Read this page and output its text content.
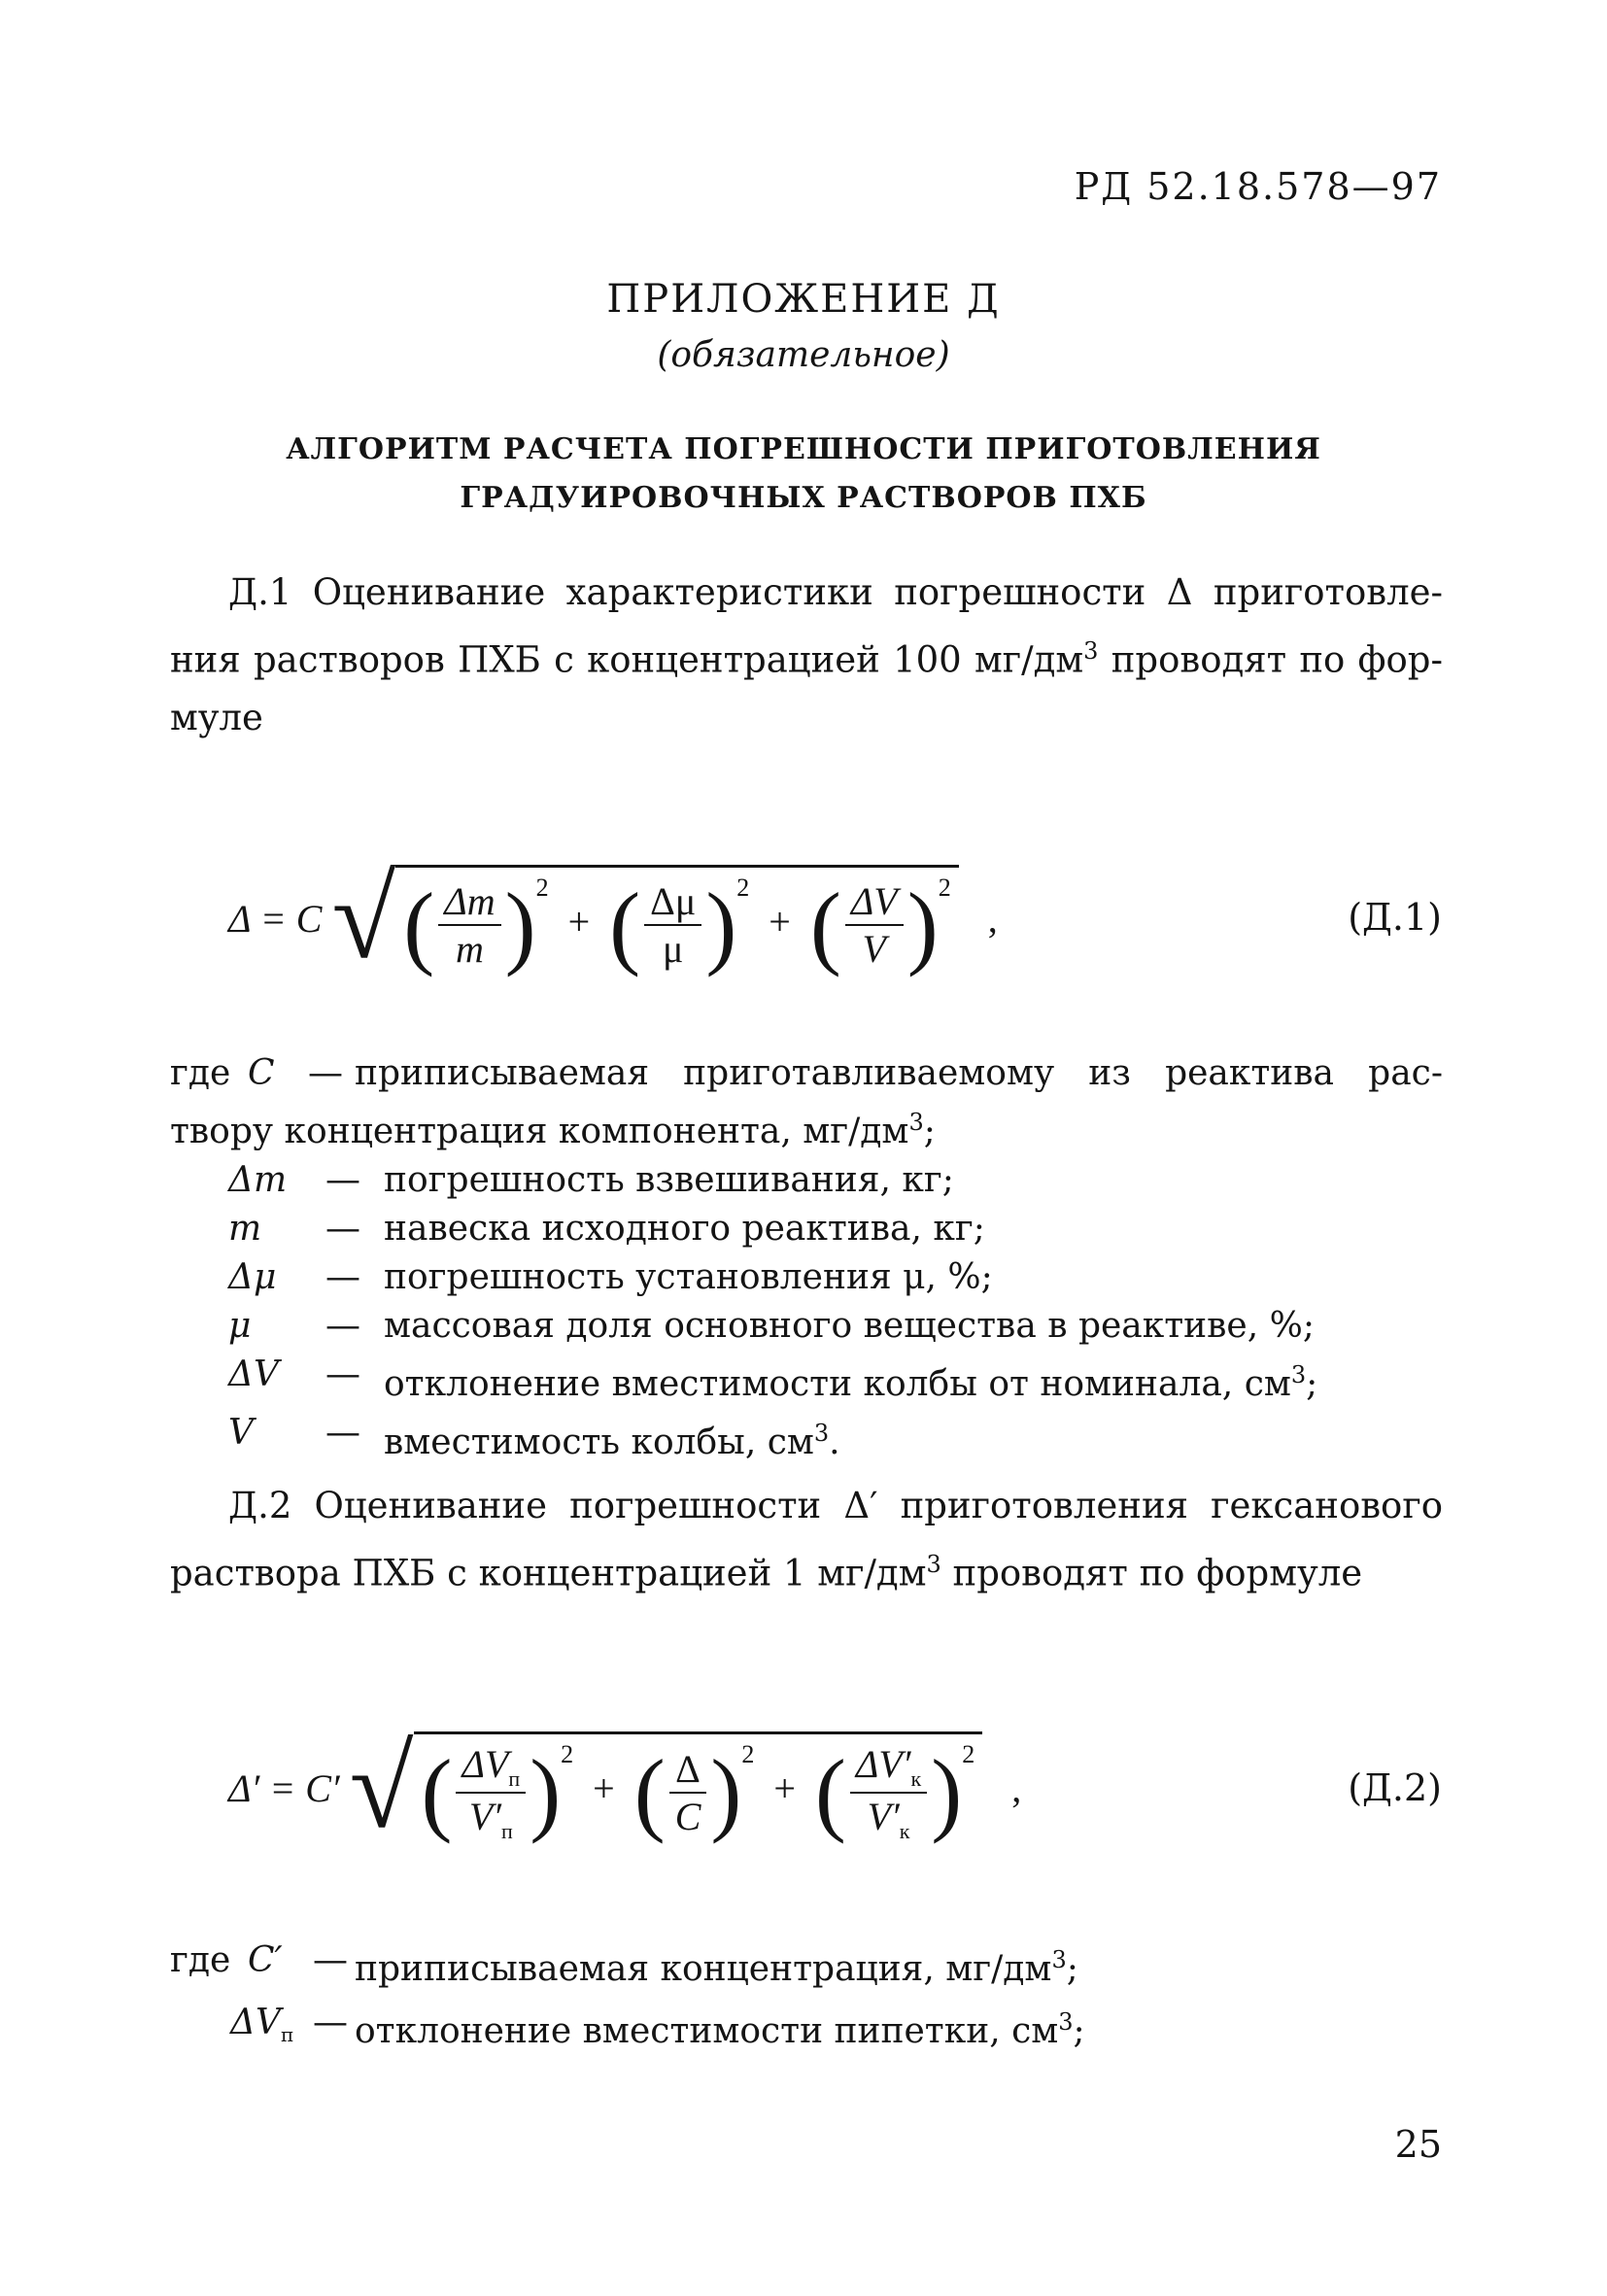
РД 52.18.578—97
ПРИЛОЖЕНИЕ Д
(обязательное)
АЛГОРИТМ РАСЧЕТА ПОГРЕШНОСТИ ПРИГОТОВЛЕНИЯ
ГРАДУИРОВОЧНЫХ РАСТВОРОВ ПХБ
Д.1 Оценивание характеристики погрешности Δ приготовле-
ния растворов ПХБ с концентрацией 100 $мг/дм^3$ проводят по фор-
муле
Δ = C √ ( $\frac{\Delta m}{m} )^2$ + ( $\frac{\Delta\mu}{\mu} )^2$ + ( $\frac{\Delta V}{V} )^2$
,	(Д.1)
где C — приписываемая приготавливаемому из реактива рас-
твору концентрация компонента, $мг/дм^3$;
Δm	— погрешность взвешивания, кг;
m	— навеска исходного реактива, кг;
Δμ	— погрешность установления μ, %;
μ	— массовая доля основного вещества в реактиве, %;
ΔV	— отклонение вместимости колбы от номинала, $см^3$;
V	— вместимость колбы, $см^3$.
Д.2 Оценивание погрешности Δ′ приготовления гексанового
раствора ПХБ с концентрацией 1 $мг/дм^3$ проводят по формуле
Δ′ = C′ √ ( $\frac{\Delta V_п}{V'_п} )^2$ + ( $\frac{\Delta}{C} )^2$ + ( $\frac{\Delta V'_к}{V'_к} )^2$
,	(Д.2)
где C′ — приписываемая концентрация, $мг/дм^3$;
$\Delta V_п$ — отклонение вместимости пипетки, $см^3$;
25
